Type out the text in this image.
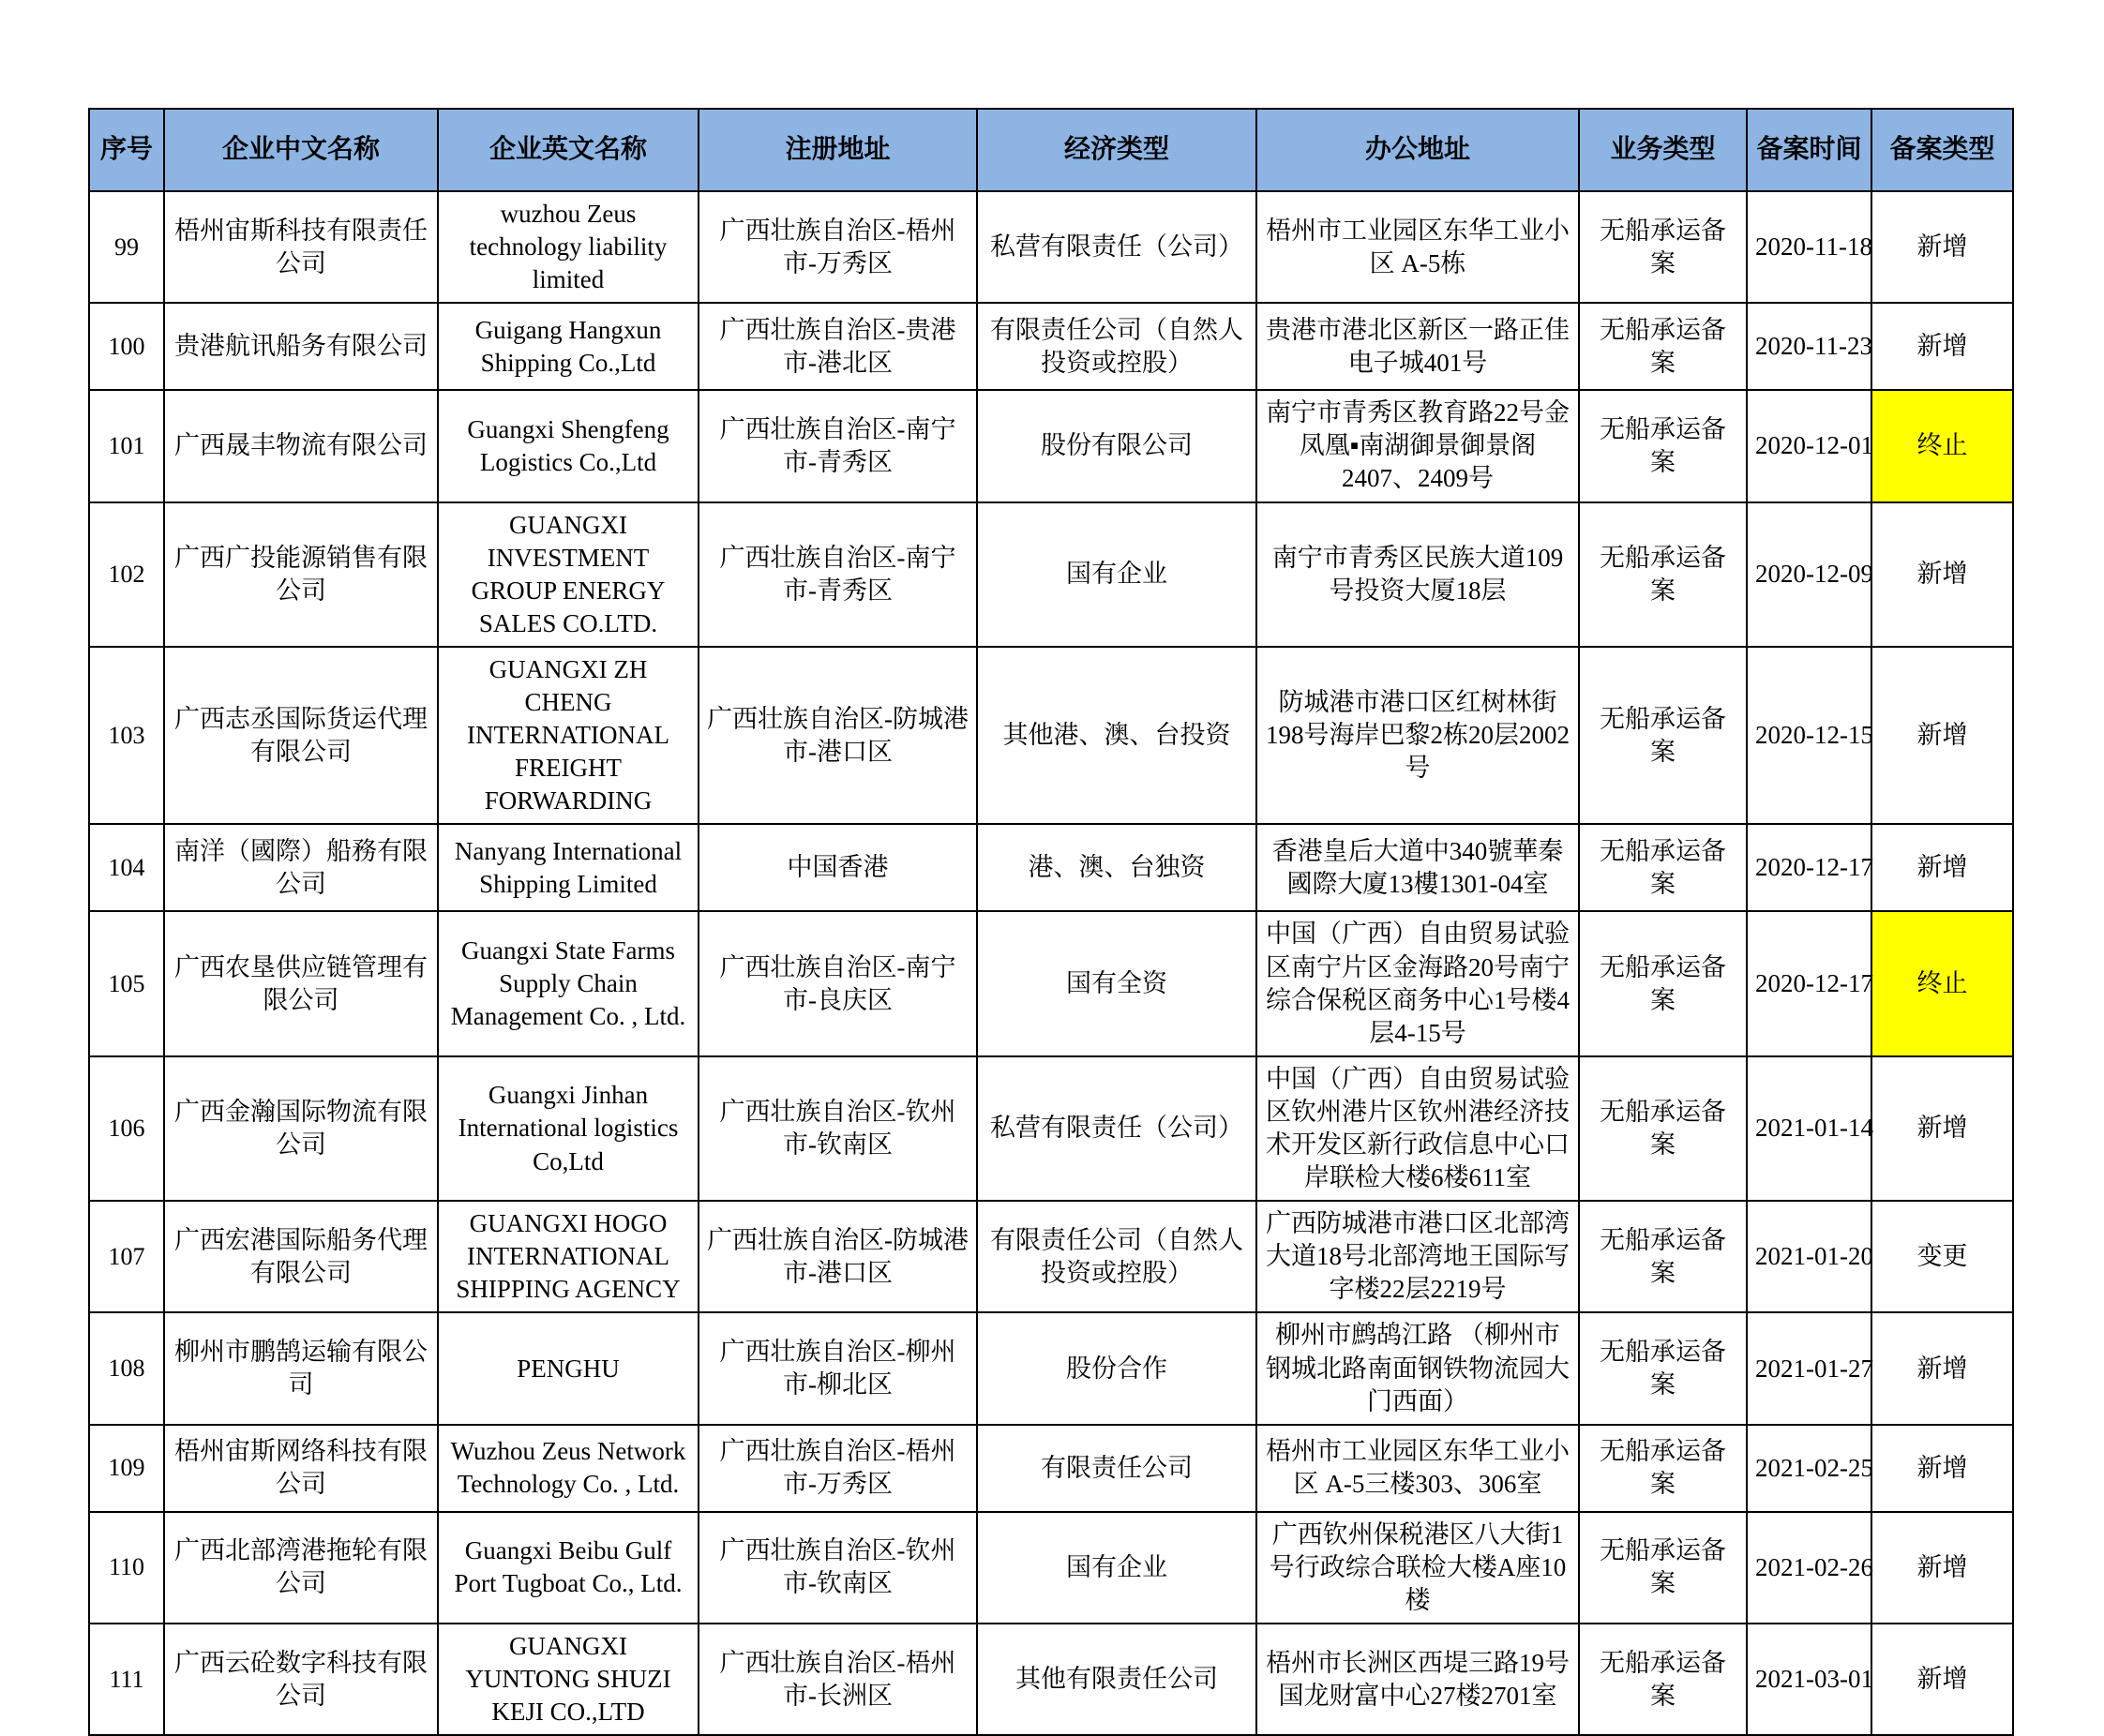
序号	企业中文名称	企业英文名称	注册地址	经济类型	办公地址	业务类型	备案时间	备案类型
99	梧州宙斯科技有限责任公司	wuzhou Zeus technology liability limited	广西壮族自治区-梧州市-万秀区	私营有限责任（公司）	梧州市工业园区东华工业小区 A-5栋	无船承运备案	2020-11-18	新增
100	贵港航讯船务有限公司	Guigang Hangxun Shipping Co.,Ltd	广西壮族自治区-贵港市-港北区	有限责任公司（自然人投资或控股）	贵港市港北区新区一路正佳电子城401号	无船承运备案	2020-11-23	新增
101	广西晟丰物流有限公司	Guangxi Shengfeng Logistics Co.,Ltd	广西壮族自治区-南宁市-青秀区	股份有限公司	南宁市青秀区教育路22号金凤凰▪南湖御景御景阁2407、2409号	无船承运备案	2020-12-01	终止
102	广西广投能源销售有限公司	GUANGXI INVESTMENT GROUP ENERGY SALES CO.LTD.	广西壮族自治区-南宁市-青秀区	国有企业	南宁市青秀区民族大道109号投资大厦18层	无船承运备案	2020-12-09	新增
103	广西志丞国际货运代理有限公司	GUANGXI ZH CHENG INTERNATIONAL FREIGHT FORWARDING	广西壮族自治区-防城港市-港口区	其他港、澳、台投资	防城港市港口区红树林街198号海岸巴黎2栋20层2002号	无船承运备案	2020-12-15	新增
104	南洋（國際）船務有限公司	Nanyang International Shipping Limited	中国香港	港、澳、台独资	香港皇后大道中340號華秦國際大廈13樓1301-04室	无船承运备案	2020-12-17	新增
105	广西农垦供应链管理有限公司	Guangxi State Farms Supply Chain Management Co. , Ltd.	广西壮族自治区-南宁市-良庆区	国有全资	中国（广西）自由贸易试验区南宁片区金海路20号南宁综合保税区商务中心1号楼4层4-15号	无船承运备案	2020-12-17	终止
106	广西金瀚国际物流有限公司	Guangxi Jinhan International logistics Co,Ltd	广西壮族自治区-钦州市-钦南区	私营有限责任（公司）	中国（广西）自由贸易试验区钦州港片区钦州港经济技术开发区新行政信息中心口岸联检大楼6楼611室	无船承运备案	2021-01-14	新增
107	广西宏港国际船务代理有限公司	GUANGXI HOGO INTERNATIONAL SHIPPING AGENCY	广西壮族自治区-防城港市-港口区	有限责任公司（自然人投资或控股）	广西防城港市港口区北部湾大道18号北部湾地王国际写字楼22层2219号	无船承运备案	2021-01-20	变更
108	柳州市鹏鹄运输有限公司	PENGHU	广西壮族自治区-柳州市-柳北区	股份合作	柳州市鹧鸪江路 （柳州市钢城北路南面钢铁物流园大门西面）	无船承运备案	2021-01-27	新增
109	梧州宙斯网络科技有限公司	Wuzhou Zeus Network Technology Co. , Ltd.	广西壮族自治区-梧州市-万秀区	有限责任公司	梧州市工业园区东华工业小区 A-5三楼303、306室	无船承运备案	2021-02-25	新增
110	广西北部湾港拖轮有限公司	Guangxi Beibu Gulf Port Tugboat Co., Ltd.	广西壮族自治区-钦州市-钦南区	国有企业	广西钦州保税港区八大街1号行政综合联检大楼A座10楼	无船承运备案	2021-02-26	新增
111	广西云砼数字科技有限公司	GUANGXI YUNTONG SHUZI KEJI CO.,LTD	广西壮族自治区-梧州市-长洲区	其他有限责任公司	梧州市长洲区西堤三路19号国龙财富中心27楼2701室	无船承运备案	2021-03-01	新增
